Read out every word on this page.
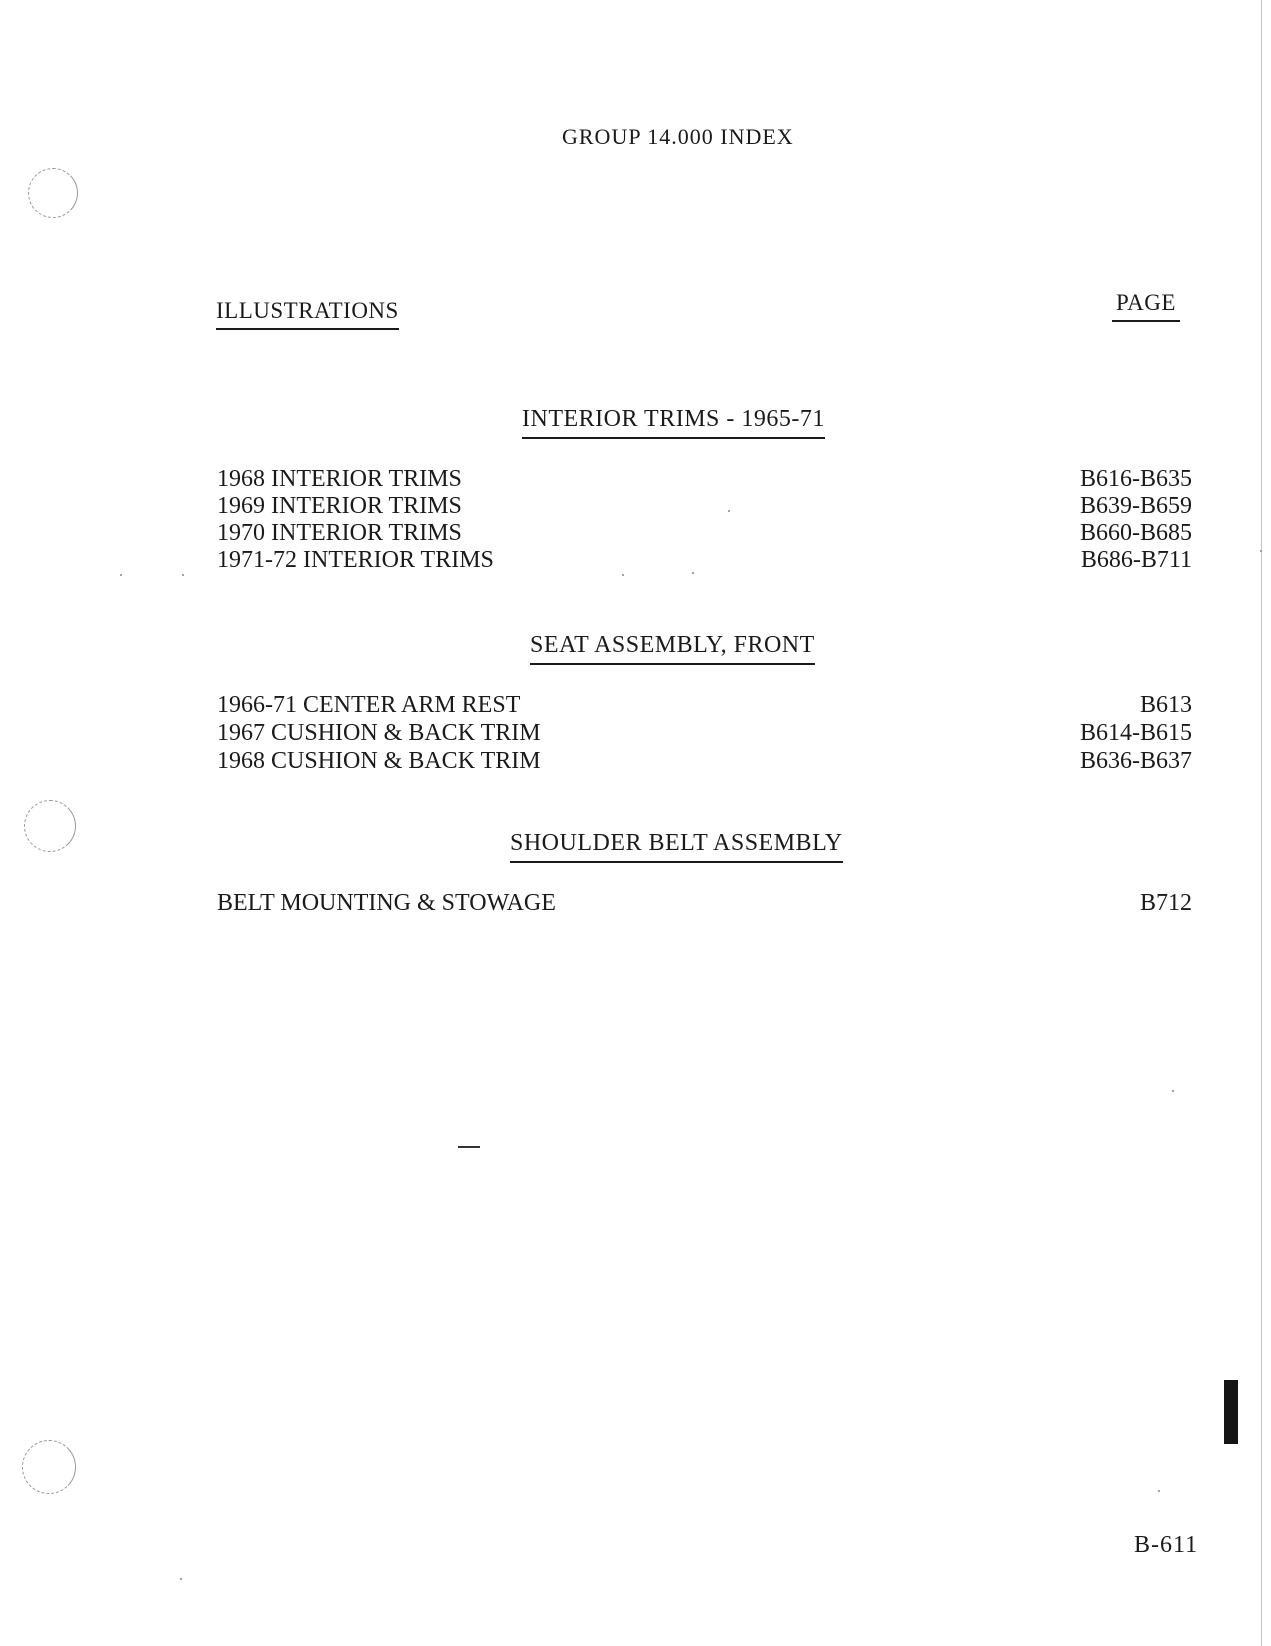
GROUP 14.000 INDEX
ILLUSTRATIONS	PAGE
INTERIOR TRIMS - 1965-71
1968 INTERIOR TRIMS	B616-B635
1969 INTERIOR TRIMS	B639-B659
1970 INTERIOR TRIMS	B660-B685
1971-72 INTERIOR TRIMS	B686-B711
SEAT ASSEMBLY, FRONT
1966-71 CENTER ARM REST	B613
1967 CUSHION & BACK TRIM	B614-B615
1968 CUSHION & BACK TRIM	B636-B637
SHOULDER BELT ASSEMBLY
BELT MOUNTING & STOWAGE	B712
B-611
